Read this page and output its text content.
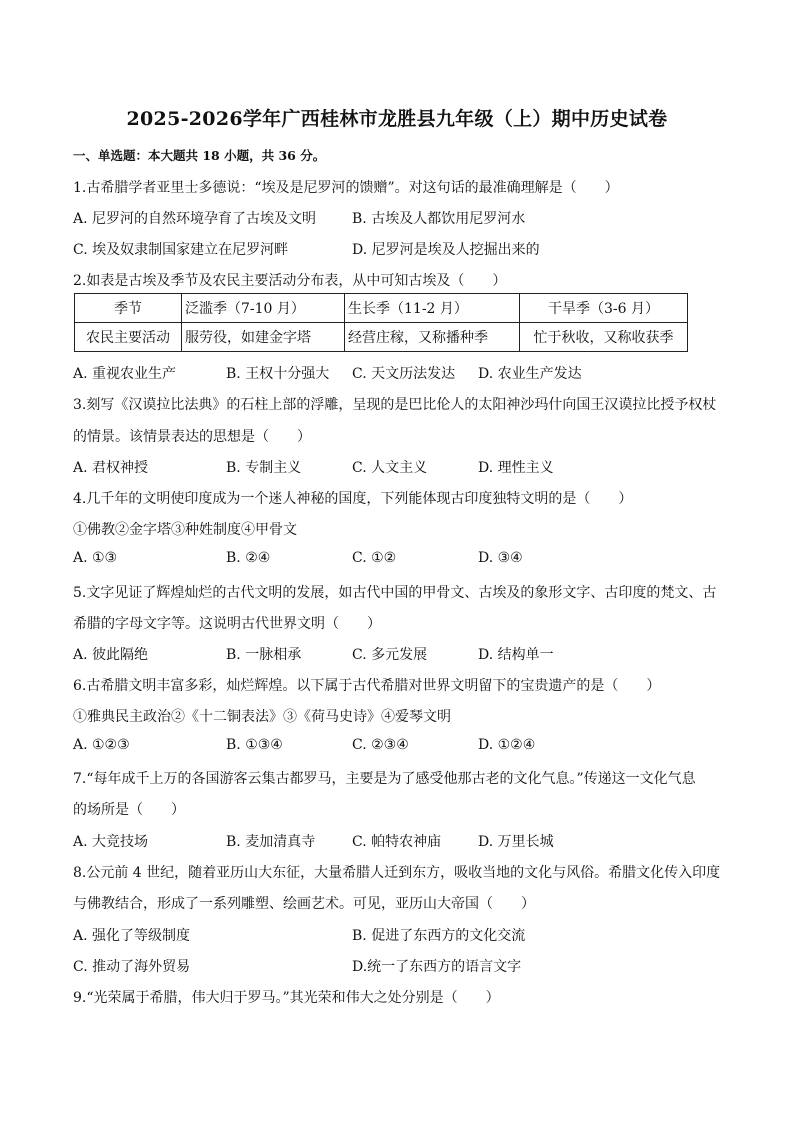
2025-2026学年广西桂林市龙胜县九年级（上）期中历史试卷
一、单选题：本大题共 18 小题，共 36 分。
1.古希腊学者亚里士多德说：“埃及是尼罗河的馈赠”。对这句话的最准确理解是（　　）
A. 尼罗河的自然环境孕育了古埃及文明	B. 古埃及人都饮用尼罗河水
C. 埃及奴隶制国家建立在尼罗河畔	D. 尼罗河是埃及人挖掘出来的
2.如表是古埃及季节及农民主要活动分布表，从中可知古埃及（　　）
季节	泛滥季（7-10 月）	生长季（11-2 月）	干旱季（3-6 月）
农民主要活动	服劳役，如建金字塔	经营庄稼，又称播种季	忙于秋收，又称收获季
A. 重视农业生产	B. 王权十分强大 C. 天文历法发达 D. 农业生产发达
3.刻写《汉谟拉比法典》的石柱上部的浮雕，呈现的是巴比伦人的太阳神沙玛什向国王汉谟拉比授予权杖
的情景。该情景表达的思想是（　　）
A. 君权神授	B. 专制主义	C. 人文主义	D. 理性主义
4.几千年的文明使印度成为一个迷人神秘的国度，下列能体现古印度独特文明的是（　　）
①佛教②金字塔③种姓制度④甲骨文
A. ①③	B. ②④	C. ①②	D. ③④
5.文字见证了辉煌灿烂的古代文明的发展，如古代中国的甲骨文、古埃及的象形文字、古印度的梵文、古
希腊的字母文字等。这说明古代世界文明（　　）
A. 彼此隔绝	B. 一脉相承	C. 多元发展	D. 结构单一
6.古希腊文明丰富多彩，灿烂辉煌。以下属于古代希腊对世界文明留下的宝贵遗产的是（　　）
①雅典民主政治②《十二铜表法》③《荷马史诗》④爱琴文明
A. ①②③	B. ①③④	C. ②③④	D. ①②④
7.“每年成千上万的各国游客云集古都罗马，主要是为了感受他那古老的文化气息。”传递这一文化气息
的场所是（　　）
A. 大竞技场	B. 麦加清真寺	C. 帕特农神庙	D. 万里长城
8.公元前 4 世纪，随着亚历山大东征，大量希腊人迁到东方，吸收当地的文化与风俗。希腊文化传入印度
与佛教结合，形成了一系列雕塑、绘画艺术。可见，亚历山大帝国（　　）
A. 强化了等级制度	B. 促进了东西方的文化交流
C. 推动了海外贸易	D.统一了东西方的语言文字
9.“光荣属于希腊，伟大归于罗马。”其光荣和伟大之处分别是（　　）
